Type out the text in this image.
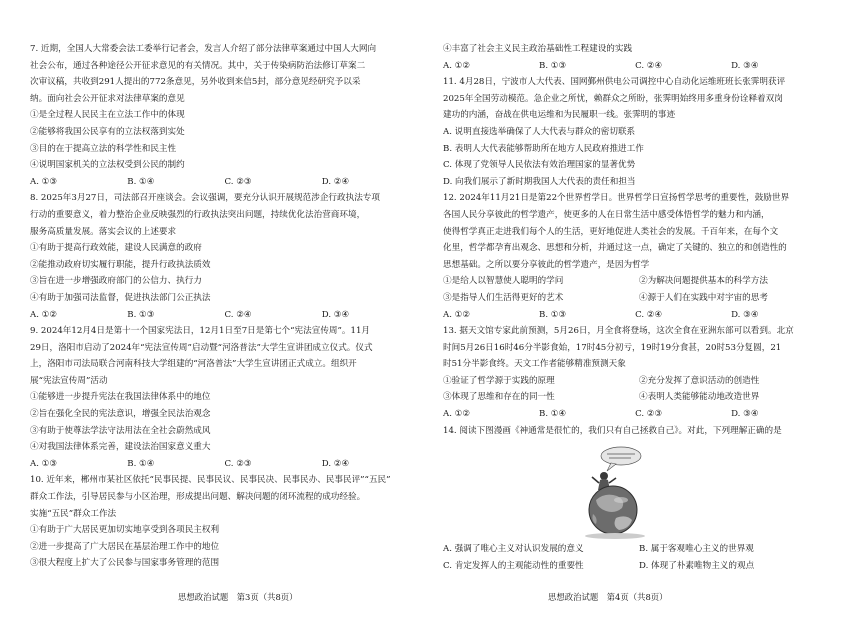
7. 近期，全国人大常委会法工委举行记者会，发言人介绍了部分法律草案通过中国人大网向
社会公布，通过各种途径公开征求意见的有关情况。其中，关于传染病防治法修订草案二
次审议稿，共收到291人提出的772条意见，另外收到来信5封，部分意见经研究予以采
纳。面向社会公开征求对法律草案的意见
①是全过程人民民主在立法工作中的体现
②能够将我国公民享有的立法权落到实处
③目的在于提高立法的科学性和民主性
④说明国家机关的立法权受到公民的制约
A. ①③	B. ①④	C. ②③	D. ②④
8. 2025年3月27日，司法部召开座谈会。会议强调，要充分认识开展规范涉企行政执法专项
行动的重要意义，着力整治企业反映强烈的行政执法突出问题，持续优化法治营商环境，
服务高质量发展。落实会议的上述要求
①有助于提高行政效能，建设人民满意的政府
②能推动政府切实履行职能，提升行政执法质效
③旨在进一步增强政府部门的公信力、执行力
④有助于加强司法监督，促进执法部门公正执法
A. ①②	B. ①③	C. ②④	D. ③④
9. 2024年12月4日是第十一个国家宪法日，12月1日至7日是第七个“宪法宣传周”。11月
29日，洛阳市启动了2024年“宪法宣传周”启动暨“河洛普法”大学生宣讲团成立仪式。仪式
上，洛阳市司法局联合河南科技大学组建的“河洛普法”大学生宣讲团正式成立。组织开
展“宪法宣传周”活动
①能够进一步提升宪法在我国法律体系中的地位
②旨在强化全民的宪法意识，增强全民法治观念
③有助于使尊法学法守法用法在全社会蔚然成风
④对我国法律体系完善，建设法治国家意义重大
A. ①③	B. ①④	C. ②③	D. ②④
10. 近年来，郴州市某社区依托“民事民提、民事民议、民事民决、民事民办、民事民评”“五民”
群众工作法，引导居民参与小区治理，形成提出问题、解决问题的闭环流程的成功经验。
实施“五民”群众工作法
①有助于广大居民更加切实地享受到各项民主权利
②进一步提高了广大居民在基层治理工作中的地位
③很大程度上扩大了公民参与国家事务管理的范围
④丰富了社会主义民主政治基础性工程建设的实践
A. ①②	B. ①③	C. ②④	D. ③④
11. 4月28日，宁波市人大代表、国网鄞州供电公司调控中心自动化运维班班长张霁明获评
2025年全国劳动模范。急企业之所忧，赖群众之所盼，张霁明始终用多重身份诠释着双岗
建功的内涵，奋战在供电运维和为民履职一线。张霁明的事迹
A. 说明直接选举确保了人大代表与群众的密切联系
B. 表明人大代表能够帮助所在地方人民政府推进工作
C. 体现了党领导人民依法有效治理国家的显著优势
D. 向我们展示了新时期我国人大代表的责任和担当
12. 2024年11月21日是第22个世界哲学日。世界哲学日宣扬哲学思考的重要性，鼓励世界
各国人民分享彼此的哲学遗产，使更多的人在日常生活中感受体悟哲学的魅力和内涵，
使得哲学真正走进我们每个人的生活，更好地促进人类社会的发展。千百年来，在每个文
化里，哲学都孕育出观念、思想和分析，并通过这一点，确定了关键的、独立的和创造性的
思想基础。之所以要分享彼此的哲学遗产，是因为哲学
①是给人以智慧使人聪明的学问	②为解决问题提供基本的科学方法
③是指导人们生活得更好的艺术	④源于人们在实践中对宇宙的思考
A. ①②	B. ①③	C. ②④	D. ③④
13. 据天文馆专家此前预测，5月26日，月全食将登场，这次全食在亚洲东部可以看到。北京
时间5月26日16时46分半影食始，17时45分初亏，19时19分食甚，20时53分复圆，21
时51分半影食终。天文工作者能够精准预测天象
①验证了哲学源于实践的原理	②充分发挥了意识活动的创造性
③体现了思维和存在的同一性	④表明人类能够能动地改造世界
A. ①②	B. ①④	C. ②③	D. ③④
14. 阅读下图漫画《神通常是很忙的，我们只有自己拯救自己》。对此，下列理解正确的是
A. 强调了唯心主义对认识发展的意义	B. 属于客观唯心主义的世界观
C. 肯定发挥人的主观能动性的重要性	D. 体现了朴素唯物主义的观点
思想政治试题　第3页（共8页）	思想政治试题　第4页（共8页）
